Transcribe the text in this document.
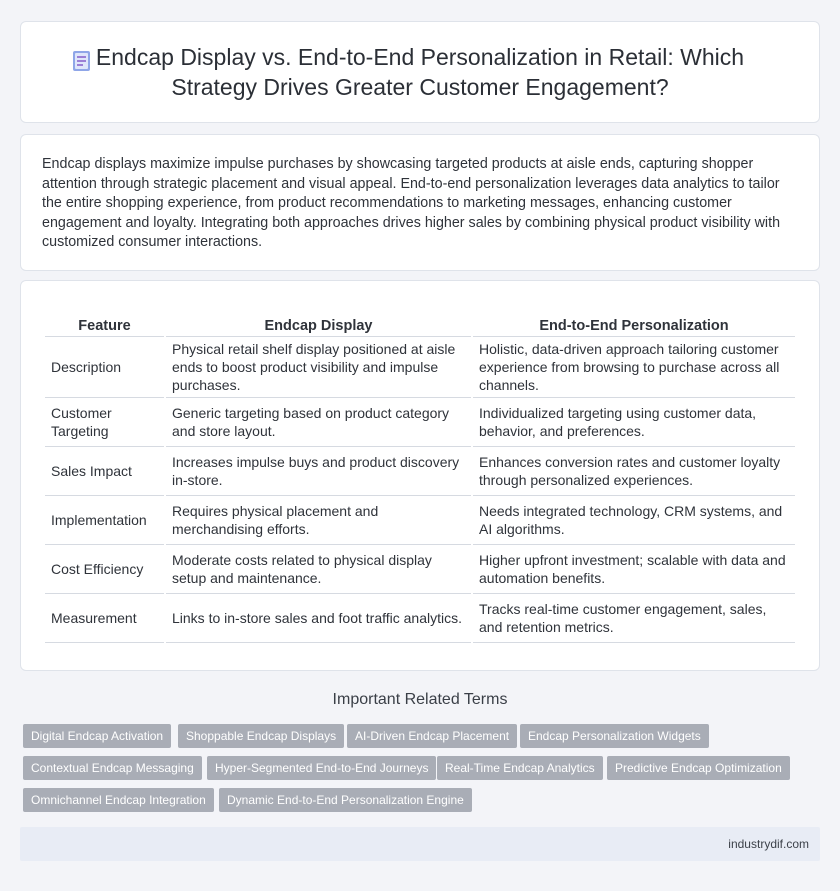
Endcap Display vs. End-to-End Personalization in Retail: Which Strategy Drives Greater Customer Engagement?

Endcap displays maximize impulse purchases by showcasing targeted products at aisle ends, capturing shopper attention through strategic placement and visual appeal. End-to-end personalization leverages data analytics to tailor the entire shopping experience, from product recommendations to marketing messages, enhancing customer engagement and loyalty. Integrating both approaches drives higher sales by combining physical product visibility with customized consumer interactions.

Feature	Endcap Display	End-to-End Personalization
Description	Physical retail shelf display positioned at aisle ends to boost product visibility and impulse purchases.	Holistic, data-driven approach tailoring customer experience from browsing to purchase across all channels.
Customer Targeting	Generic targeting based on product category and store layout.	Individualized targeting using customer data, behavior, and preferences.
Sales Impact	Increases impulse buys and product discovery in-store.	Enhances conversion rates and customer loyalty through personalized experiences.
Implementation	Requires physical placement and merchandising efforts.	Needs integrated technology, CRM systems, and AI algorithms.
Cost Efficiency	Moderate costs related to physical display setup and maintenance.	Higher upfront investment; scalable with data and automation benefits.
Measurement	Links to in-store sales and foot traffic analytics.	Tracks real-time customer engagement, sales, and retention metrics.
Important Related Terms
Digital Endcap Activation	Shoppable Endcap Displays	AI-Driven Endcap Placement	Endcap Personalization Widgets
Contextual Endcap Messaging	Hyper-Segmented End-to-End Journeys	Real-Time Endcap Analytics	Predictive Endcap Optimization
Omnichannel Endcap Integration	Dynamic End-to-End Personalization Engine
industrydif.com
